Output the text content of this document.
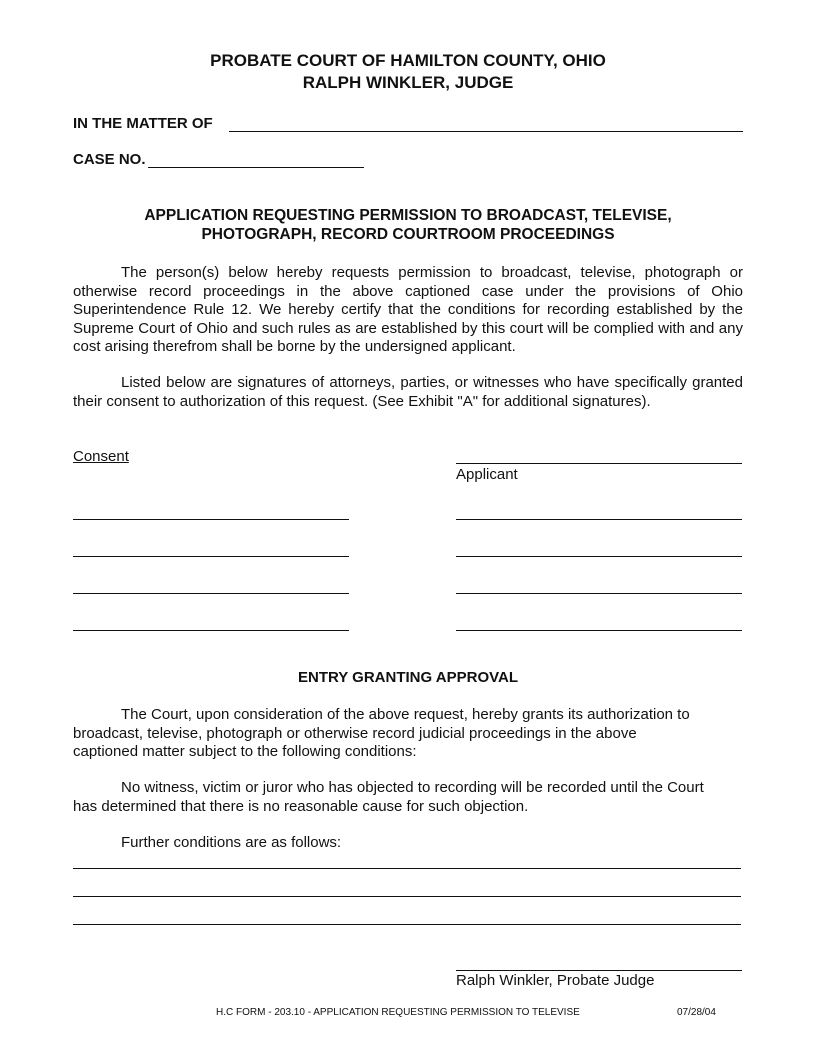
PROBATE COURT OF HAMILTON COUNTY, OHIO
RALPH WINKLER, JUDGE
IN THE MATTER OF
CASE NO.
APPLICATION REQUESTING PERMISSION TO BROADCAST, TELEVISE,
PHOTOGRAPH, RECORD COURTROOM PROCEEDINGS
The person(s) below hereby requests permission to broadcast, televise, photograph or otherwise record proceedings in the above captioned case under the provisions of Ohio Superintendence Rule 12. We hereby certify that the conditions for recording established by the Supreme Court of Ohio and such rules as are established by this court will be complied with and any cost arising therefrom shall be borne by the undersigned applicant.
Listed below are signatures of attorneys, parties, or witnesses who have specifically granted their consent to authorization of this request. (See Exhibit "A" for additional signatures).
Consent
Applicant
ENTRY GRANTING APPROVAL
The Court, upon consideration of the above request, hereby grants its authorization to
broadcast, televise, photograph or otherwise record judicial proceedings in the above
captioned matter subject to the following conditions:
No witness, victim or juror who has objected to recording will be recorded until the Court
has determined that there is no reasonable cause for such objection.
Further conditions are as follows:
Ralph Winkler, Probate Judge
H.C FORM - 203.10 - APPLICATION REQUESTING PERMISSION TO TELEVISE	07/28/04
